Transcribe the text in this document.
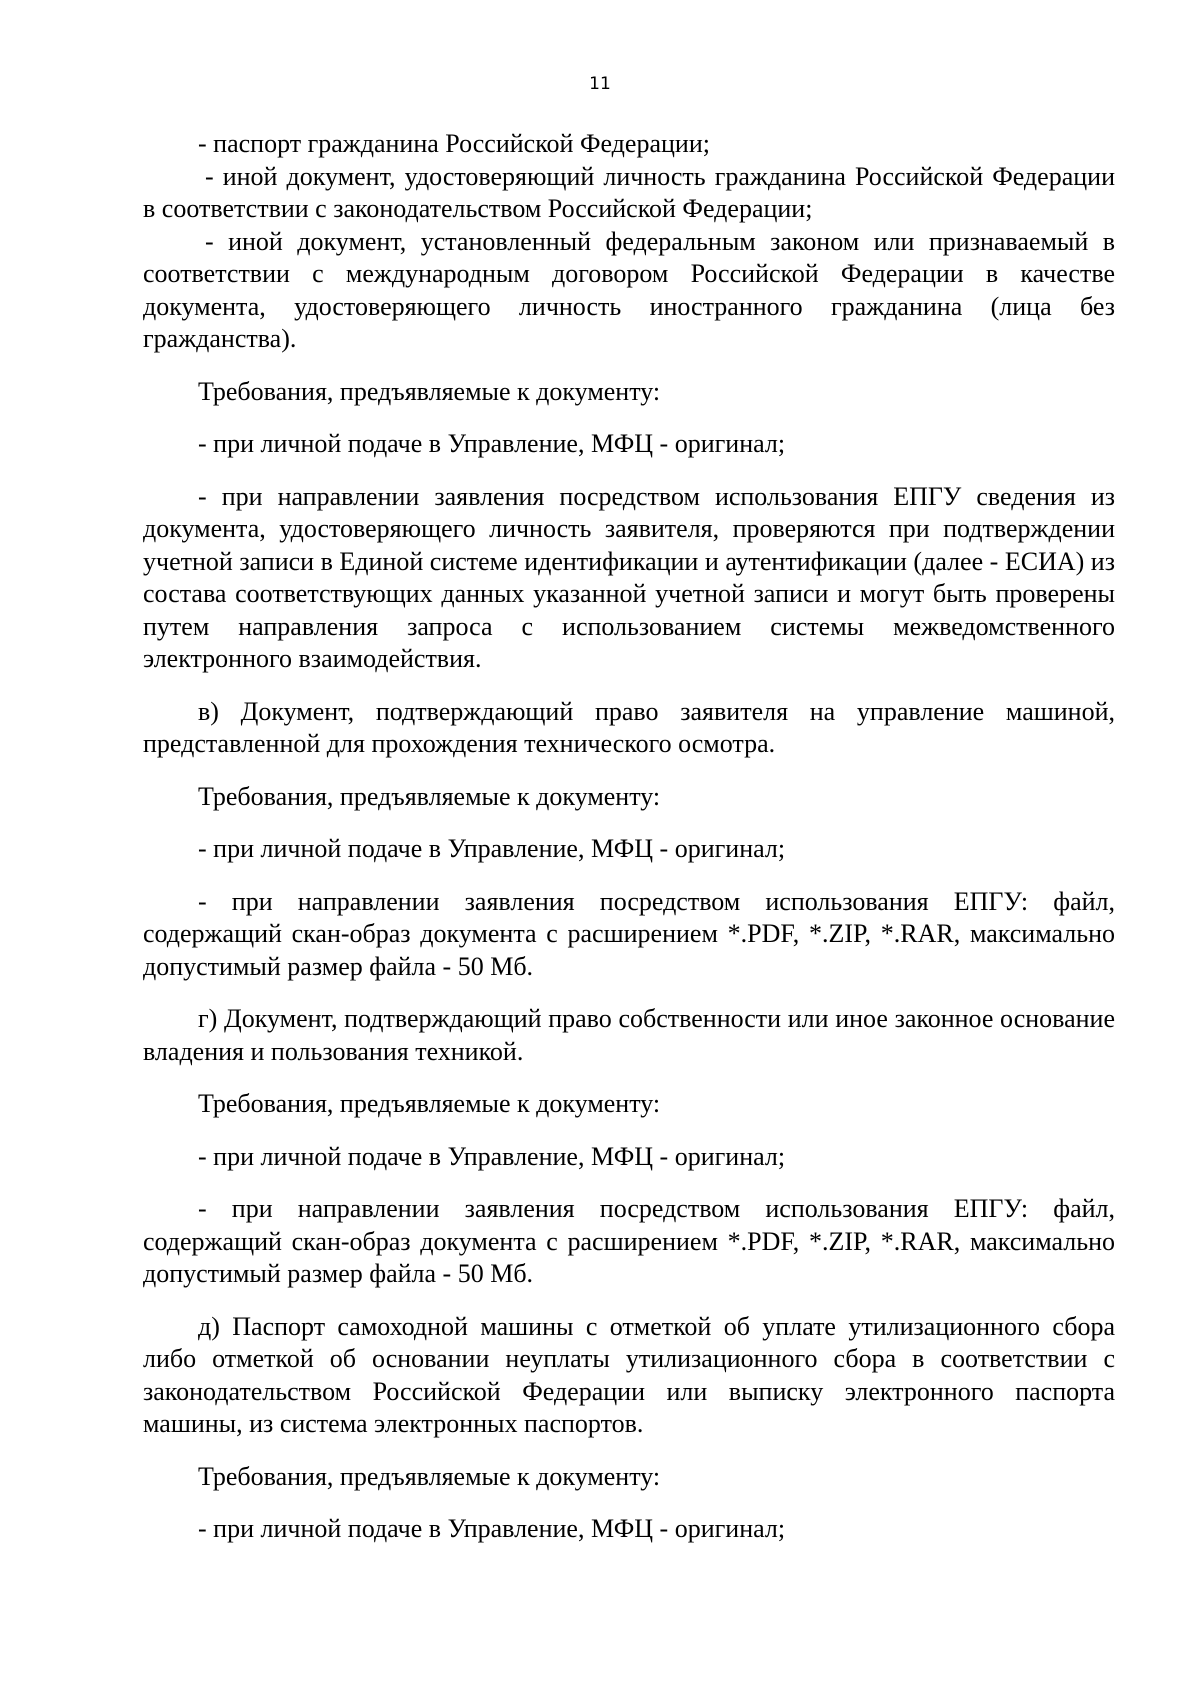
11

- паспорт гражданина Российской Федерации;

- иной документ, удостоверяющий личность гражданина Российской Федерации в соответствии с законодательством Российской Федерации;

- иной документ, установленный федеральным законом или признаваемый в соответствии с международным договором Российской Федерации в качестве документа, удостоверяющего личность иностранного гражданина (лица без гражданства).

Требования, предъявляемые к документу:

- при личной подаче в Управление, МФЦ - оригинал;

- при направлении заявления посредством использования ЕПГУ сведения из документа, удостоверяющего личность заявителя, проверяются при подтверждении учетной записи в Единой системе идентификации и аутентификации (далее - ЕСИА) из состава соответствующих данных указанной учетной записи и могут быть проверены путем направления запроса с использованием системы межведомственного электронного взаимодействия.

в) Документ, подтверждающий право заявителя на управление машиной, представленной для прохождения технического осмотра.

Требования, предъявляемые к документу:

- при личной подаче в Управление, МФЦ - оригинал;

- при направлении заявления посредством использования ЕПГУ: файл, содержащий скан-образ документа с расширением *.PDF, *.ZIP, *.RAR, максимально допустимый размер файла - 50 Мб.

г) Документ, подтверждающий право собственности или иное законное основание владения и пользования техникой.

Требования, предъявляемые к документу:

- при личной подаче в Управление, МФЦ - оригинал;

- при направлении заявления посредством использования ЕПГУ: файл, содержащий скан-образ документа с расширением *.PDF, *.ZIP, *.RAR, максимально допустимый размер файла - 50 Мб.

д) Паспорт самоходной машины с отметкой об уплате утилизационного сбора либо отметкой об основании неуплаты утилизационного сбора в соответствии с законодательством Российской Федерации или выписку электронного паспорта машины, из система электронных паспортов.

Требования, предъявляемые к документу:

- при личной подаче в Управление, МФЦ - оригинал;
